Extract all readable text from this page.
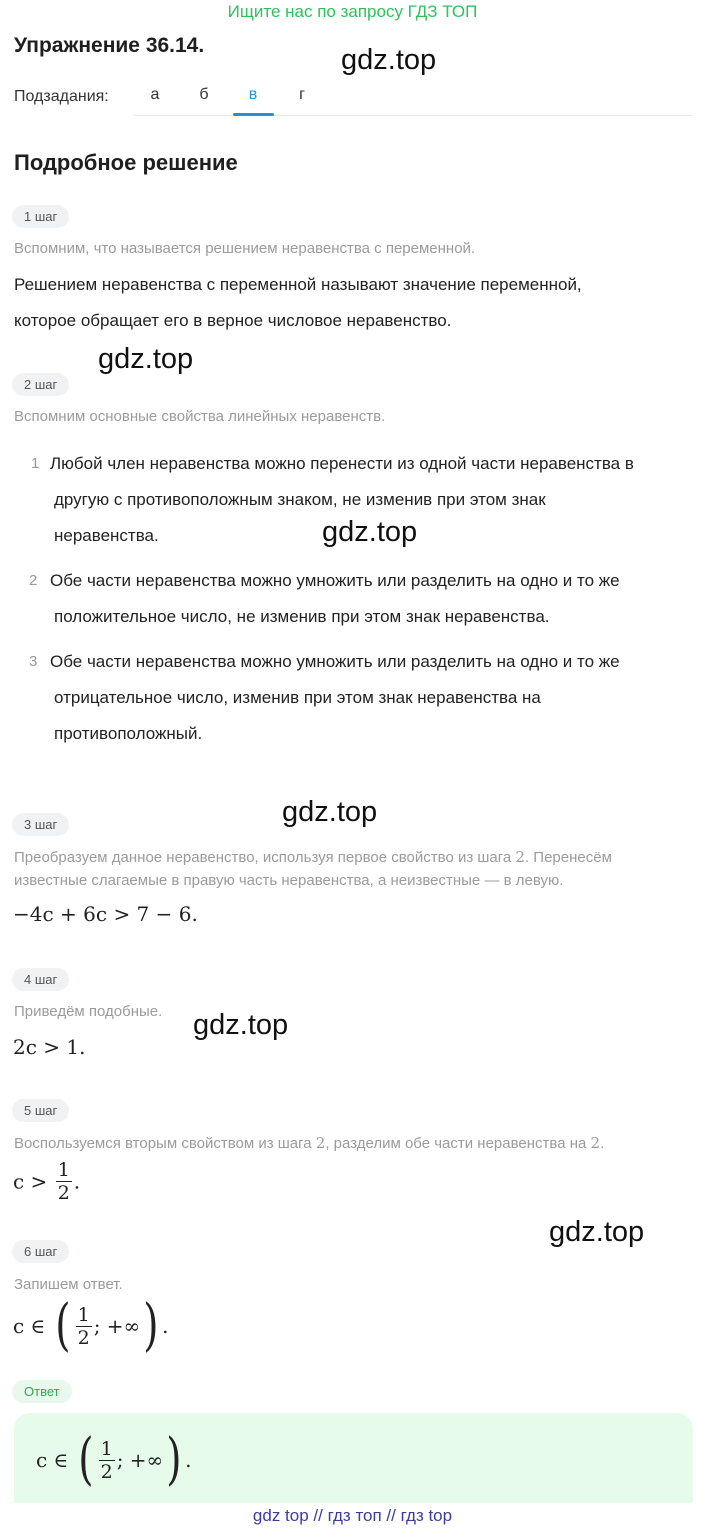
Ищите нас по запросу ГДЗ ТОП
Упражнение 36.14.	gdz.top
Подзадания:	а	б	в	г
Подробное решение
1 шаг
Вспомним, что называется решением неравенства с переменной.
Решением неравенства с переменной называют значение переменной,
которое обращает его в верное числовое неравенство.
gdz.top
2 шаг
Вспомним основные свойства линейных неравенств.
1 Любой член неравенства можно перенести из одной части неравенства в
другую с противоположным знаком, не изменив при этом знак
неравенства.	gdz.top
2 Обе части неравенства можно умножить или разделить на одно и то же
положительное число, не изменив при этом знак неравенства.
3 Обе части неравенства можно умножить или разделить на одно и то же
отрицательное число, изменив при этом знак неравенства на
противоположный.
gdz.top
3 шаг
Преобразуем данное неравенство, используя первое свойство из шага 2. Перенесём
известные слагаемые в правую часть неравенства, а неизвестные — в левую.
−4c + 6c > 7 − 6.
4 шаг
Приведём подобные. gdz.top
2c > 1.
5 шаг
Воспользуемся вторым свойством из шага 2, разделим обе части неравенства на 2.
$c > \frac{1}{2}$ .
gdz.top
6 шаг
Запишем ответ.
c ∈ ( $\frac{1}{2}$ ; +∞) .
Ответ
c ∈ ( $\frac{1}{2}$ ; +∞) .
gdz top // гдз топ // гдз top
